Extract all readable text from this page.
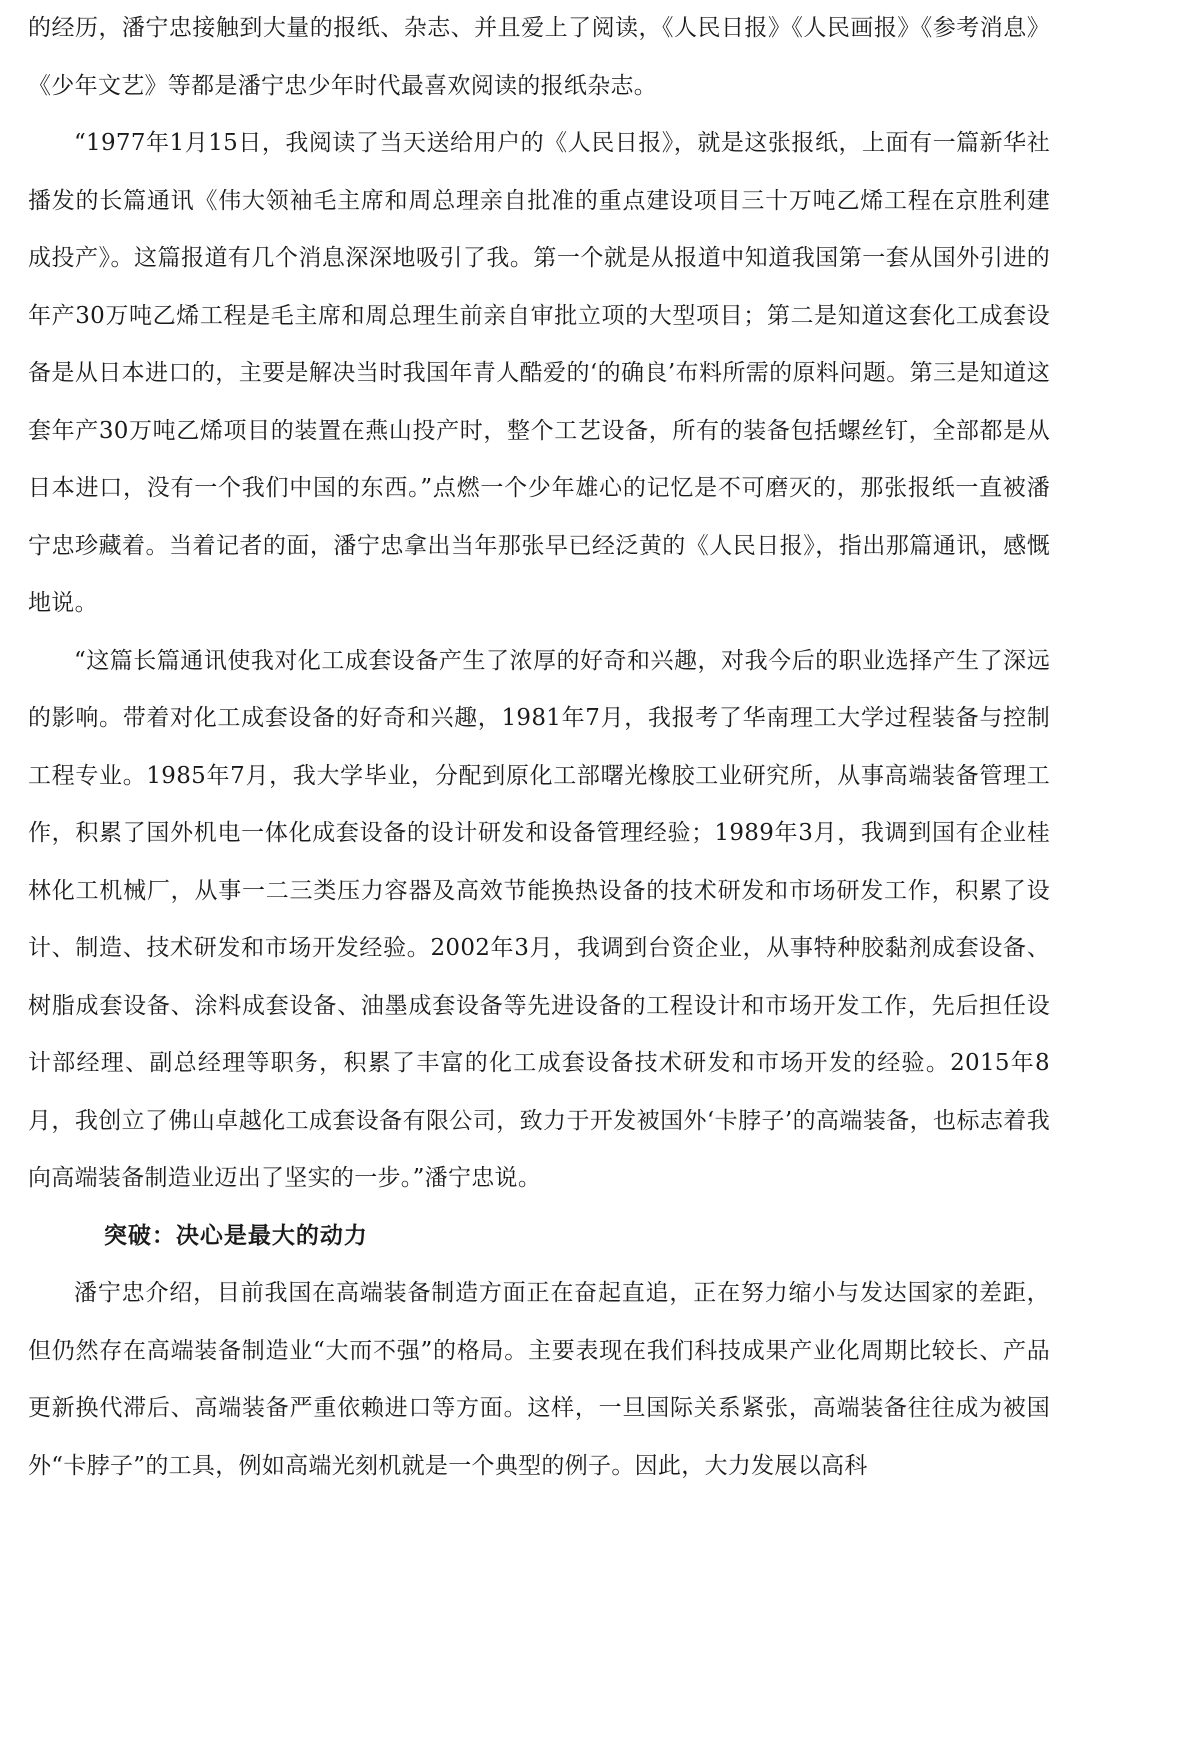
的经历，潘宁忠接触到大量的报纸、杂志、并且爱上了阅读，《人民日报》《人民画报》《参考消息》《少年文艺》等都是潘宁忠少年时代最喜欢阅读的报纸杂志。

“1977年1月15日，我阅读了当天送给用户的《人民日报》，就是这张报纸，上面有一篇新华社播发的长篇通讯《伟大领袖毛主席和周总理亲自批准的重点建设项目三十万吨乙烯工程在京胜利建成投产》。这篇报道有几个消息深深地吸引了我。第一个就是从报道中知道我国第一套从国外引进的年产30万吨乙烯工程是毛主席和周总理生前亲自审批立项的大型项目；第二是知道这套化工成套设备是从日本进口的，主要是解决当时我国年青人酷爱的‘的确良’布料所需的原料问题。第三是知道这套年产30万吨乙烯项目的装置在燕山投产时，整个工艺设备，所有的装备包括螺丝钉，全部都是从日本进口，没有一个我们中国的东西。”点燃一个少年雄心的记忆是不可磨灭的，那张报纸一直被潘宁忠珍藏着。当着记者的面，潘宁忠拿出当年那张早已经泛黄的《人民日报》，指出那篇通讯，感慨地说。

“这篇长篇通讯使我对化工成套设备产生了浓厚的好奇和兴趣，对我今后的职业选择产生了深远的影响。带着对化工成套设备的好奇和兴趣，1981年7月，我报考了华南理工大学过程装备与控制工程专业。1985年7月，我大学毕业，分配到原化工部曙光橡胶工业研究所，从事高端装备管理工作，积累了国外机电一体化成套设备的设计研发和设备管理经验；1989年3月，我调到国有企业桂林化工机械厂，从事一二三类压力容器及高效节能换热设备的技术研发和市场研发工作，积累了设计、制造、技术研发和市场开发经验。2002年3月，我调到台资企业，从事特种胶黏剂成套设备、树脂成套设备、涂料成套设备、油墨成套设备等先进设备的工程设计和市场开发工作，先后担任设计部经理、副总经理等职务，积累了丰富的化工成套设备技术研发和市场开发的经验。2015年8月，我创立了佛山卓越化工成套设备有限公司，致力于开发被国外‘卡脖子’的高端装备，也标志着我向高端装备制造业迈出了坚实的一步。”潘宁忠说。

突破：决心是最大的动力

潘宁忠介绍，目前我国在高端装备制造方面正在奋起直追，正在努力缩小与发达国家的差距，但仍然存在高端装备制造业“大而不强”的格局。主要表现在我们科技成果产业化周期比较长、产品更新换代滞后、高端装备严重依赖进口等方面。这样，一旦国际关系紧张，高端装备往往成为被国外“卡脖子”的工具，例如高端光刻机就是一个典型的例子。因此，大力发展以高科
